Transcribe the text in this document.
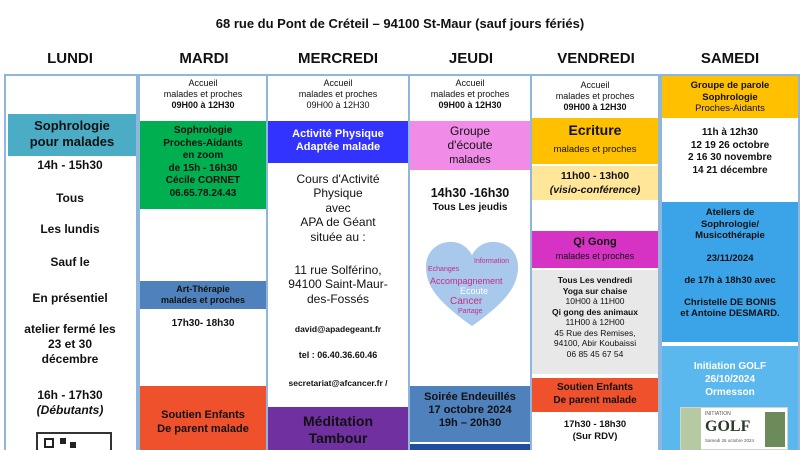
68 rue du Pont de Créteil – 94100 St-Maur (sauf jours fériés)
LUNDI	MARDI	MERCREDI	JEUDI	VENDREDI	SAMEDI
Sophrologie
pour malades
14h - 15h30
Tous
Les lundis
Sauf le
En présentiel
atelier fermé les
23 et 30
décembre
16h - 17h30
(Débutants)
Accueil
malades et proches
09H00 à 12H30
Sophrologie
Proches-Aidants
en zoom
de 15h - 16h30
Cécile CORNET
06.65.78.24.43
Art-Thérapie
malades et proches
17h30- 18h30
Soutien Enfants
De parent malade
Accueil
malades et proches
09H00 à 12H30
Activité Physique
Adaptée malade
Cours d'Activité
Physique
avec
APA de Géant
située au :
11 rue Solférino,
94100 Saint-Maur-
des-Fossés
david@apadegeant.fr
tel : 06.40.36.60.46
secretariat@afcancer.fr /
Méditation
Tambour
Accueil
malades et proches
09H00 à 12H30
Groupe
d'écoute
malades
14h30 -16h30
Tous Les jeudis
Echanges
Information
Accompagnement
Ecoute
Cancer
Partage
Soirée Endeuillés
17 octobre 2024
19h – 20h30
Accueil
malades et proches
09H00 à 12H30
Ecriture
malades et proches
11h00 - 13h00
(visio-conférence)
Qi Gong
malades et proches
Tous Les vendredi
Yoga sur chaise
10H00 à 11H00
Qi gong des animaux
11H00 à 12H00
45 Rue des Remises,
94100, Abir Koubaissi
06 85 45 67 54
Soutien Enfants
De parent malade
17h30 - 18h30
(Sur RDV)
Groupe de parole
Sophrologie
Proches-Aidants
11h à 12h30
12 19 26 octobre
2 16 30 novembre
14 21 décembre
Ateliers de
Sophrologie/
Musicothérapie
23/11/2024
de 17h à 18h30 avec
Christelle DE BONIS
et Antoine DESMARD.
Initiation GOLF
26/10/2024
Ormesson
INITIATION
GOLF
Samedi 26 octobre 2024
